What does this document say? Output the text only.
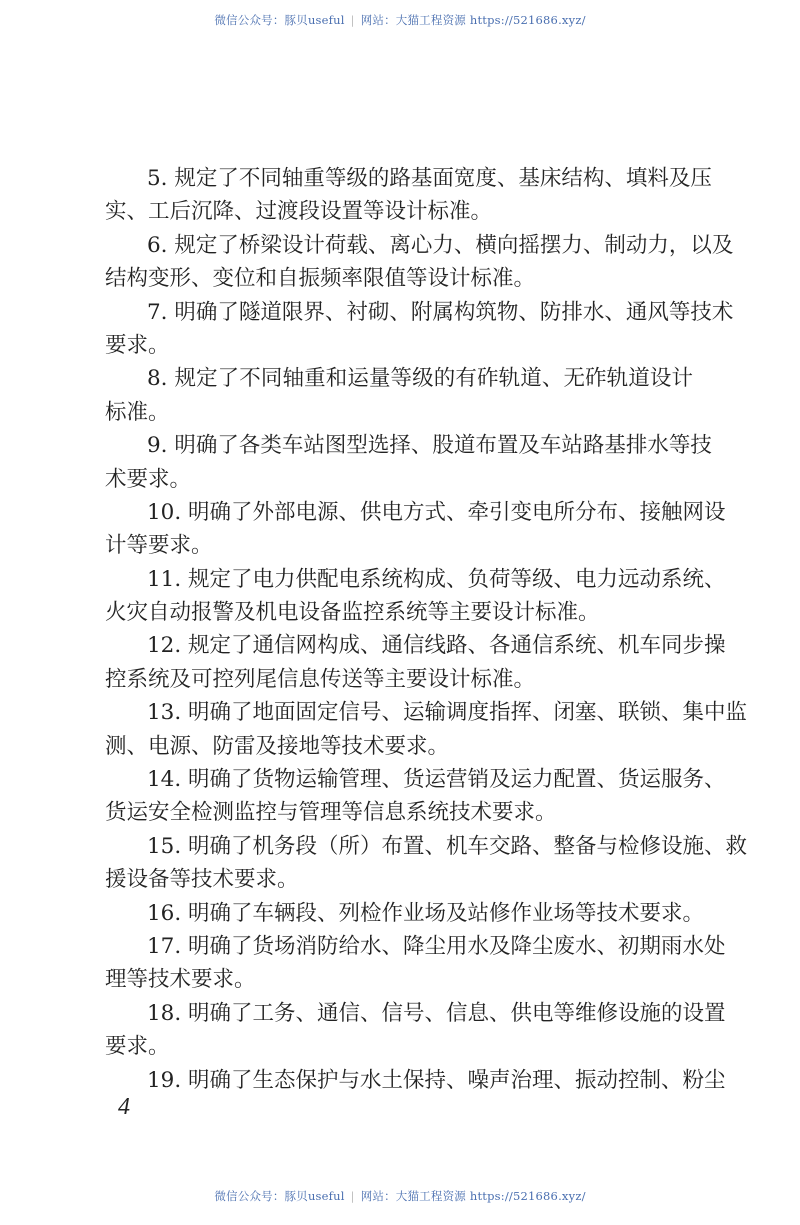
微信公众号：豚贝useful | 网站：大猫工程资源 https://521686.xyz/
5. 规定了不同轴重等级的路基面宽度、基床结构、填料及压
实、工后沉降、过渡段设置等设计标准。
6. 规定了桥梁设计荷载、离心力、横向摇摆力、制动力，以及
结构变形、变位和自振频率限值等设计标准。
7. 明确了隧道限界、衬砌、附属构筑物、防排水、通风等技术
要求。
8. 规定了不同轴重和运量等级的有砟轨道、无砟轨道设计
标准。
9. 明确了各类车站图型选择、股道布置及车站路基排水等技
术要求。
10. 明确了外部电源、供电方式、牵引变电所分布、接触网设
计等要求。
11. 规定了电力供配电系统构成、负荷等级、电力远动系统、
火灾自动报警及机电设备监控系统等主要设计标准。
12. 规定了通信网构成、通信线路、各通信系统、机车同步操
控系统及可控列尾信息传送等主要设计标准。
13. 明确了地面固定信号、运输调度指挥、闭塞、联锁、集中监
测、电源、防雷及接地等技术要求。
14. 明确了货物运输管理、货运营销及运力配置、货运服务、
货运安全检测监控与管理等信息系统技术要求。
15. 明确了机务段（所）布置、机车交路、整备与检修设施、救
援设备等技术要求。
16. 明确了车辆段、列检作业场及站修作业场等技术要求。
17. 明确了货场消防给水、降尘用水及降尘废水、初期雨水处
理等技术要求。
18. 明确了工务、通信、信号、信息、供电等维修设施的设置
要求。
19. 明确了生态保护与水土保持、噪声治理、振动控制、粉尘
4
微信公众号：豚贝useful | 网站：大猫工程资源 https://521686.xyz/
